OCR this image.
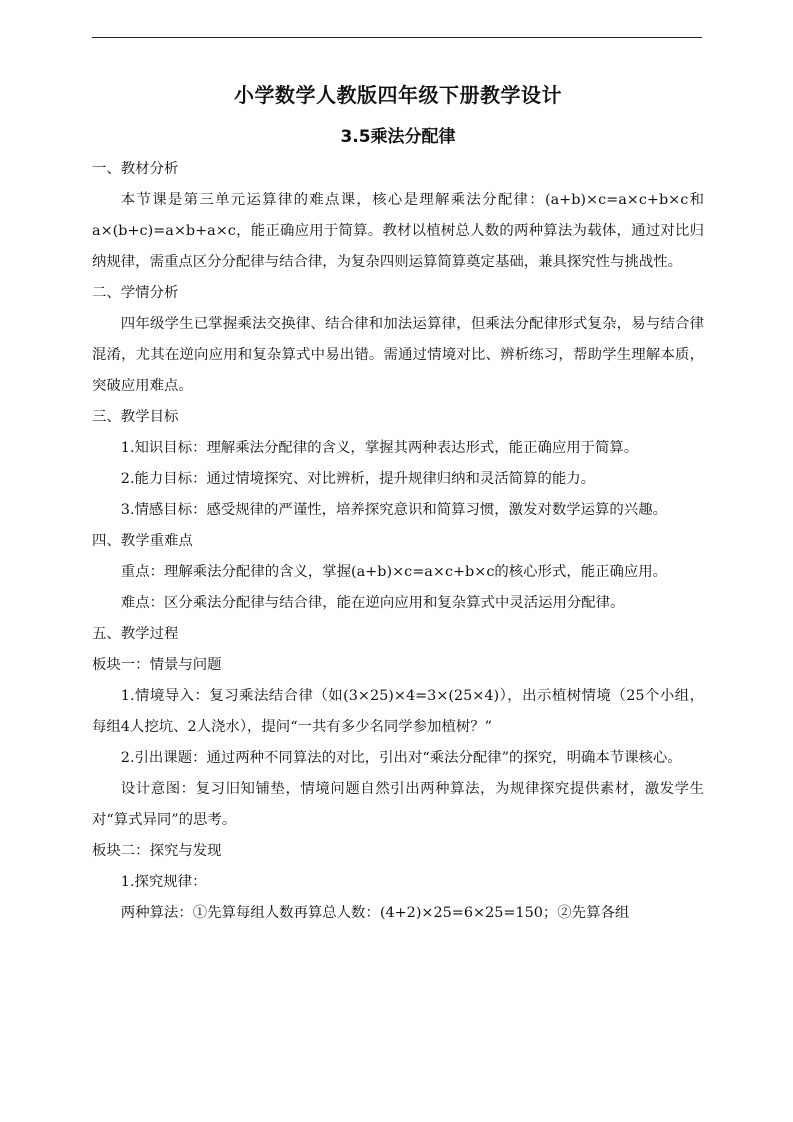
小学数学人教版四年级下册教学设计
3.5乘法分配律

一、教材分析

本节课是第三单元运算律的难点课，核心是理解乘法分配律：(a+b)×c=a×c+b×c和a×(b+c)=a×b+a×c，能正确应用于简算。教材以植树总人数的两种算法为载体，通过对比归纳规律，需重点区分分配律与结合律，为复杂四则运算简算奠定基础，兼具探究性与挑战性。

二、学情分析

四年级学生已掌握乘法交换律、结合律和加法运算律，但乘法分配律形式复杂，易与结合律混淆，尤其在逆向应用和复杂算式中易出错。需通过情境对比、辨析练习，帮助学生理解本质，突破应用难点。

三、教学目标

1.知识目标：理解乘法分配律的含义，掌握其两种表达形式，能正确应用于简算。

2.能力目标：通过情境探究、对比辨析，提升规律归纳和灵活简算的能力。

3.情感目标：感受规律的严谨性，培养探究意识和简算习惯，激发对数学运算的兴趣。

四、教学重难点

重点：理解乘法分配律的含义，掌握(a+b)×c=a×c+b×c的核心形式，能正确应用。

难点：区分乘法分配律与结合律，能在逆向应用和复杂算式中灵活运用分配律。

五、教学过程

板块一：情景与问题

1.情境导入：复习乘法结合律（如(3×25)×4=3×(25×4)），出示植树情境（25个小组，每组4人挖坑、2人浇水），提问“一共有多少名同学参加植树？”

2.引出课题：通过两种不同算法的对比，引出对“乘法分配律”的探究，明确本节课核心。

设计意图：复习旧知铺垫，情境问题自然引出两种算法，为规律探究提供素材，激发学生对“算式异同”的思考。

板块二：探究与发现

1.探究规律：

两种算法：①先算每组人数再算总人数：(4+2)×25=6×25=150；②先算各组
